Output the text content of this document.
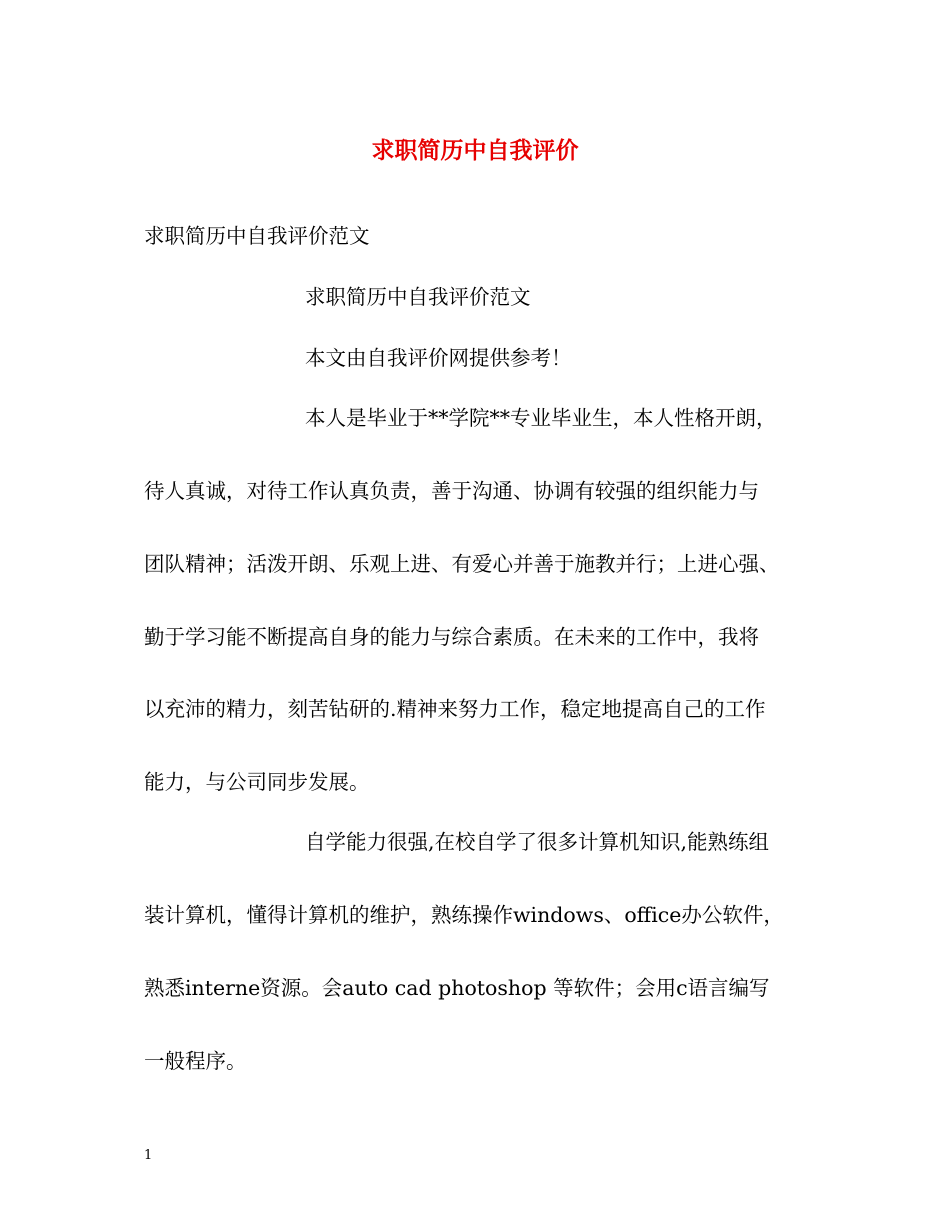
求职简历中自我评价
求职简历中自我评价范文
求职简历中自我评价范文
本文由自我评价网提供参考！
本人是毕业于**学院**专业毕业生，本人性格开朗，
待人真诚，对待工作认真负责，善于沟通、协调有较强的组织能力与
团队精神；活泼开朗、乐观上进、有爱心并善于施教并行；上进心强、
勤于学习能不断提高自身的能力与综合素质。在未来的工作中，我将
以充沛的精力，刻苦钻研的.精神来努力工作，稳定地提高自己的工作
能力，与公司同步发展。
自学能力很强,在校自学了很多计算机知识,能熟练组
装计算机，懂得计算机的维护，熟练操作windows、office办公软件，
熟悉interne资源。会auto cad photoshop 等软件；会用c语言编写
一般程序。
1
